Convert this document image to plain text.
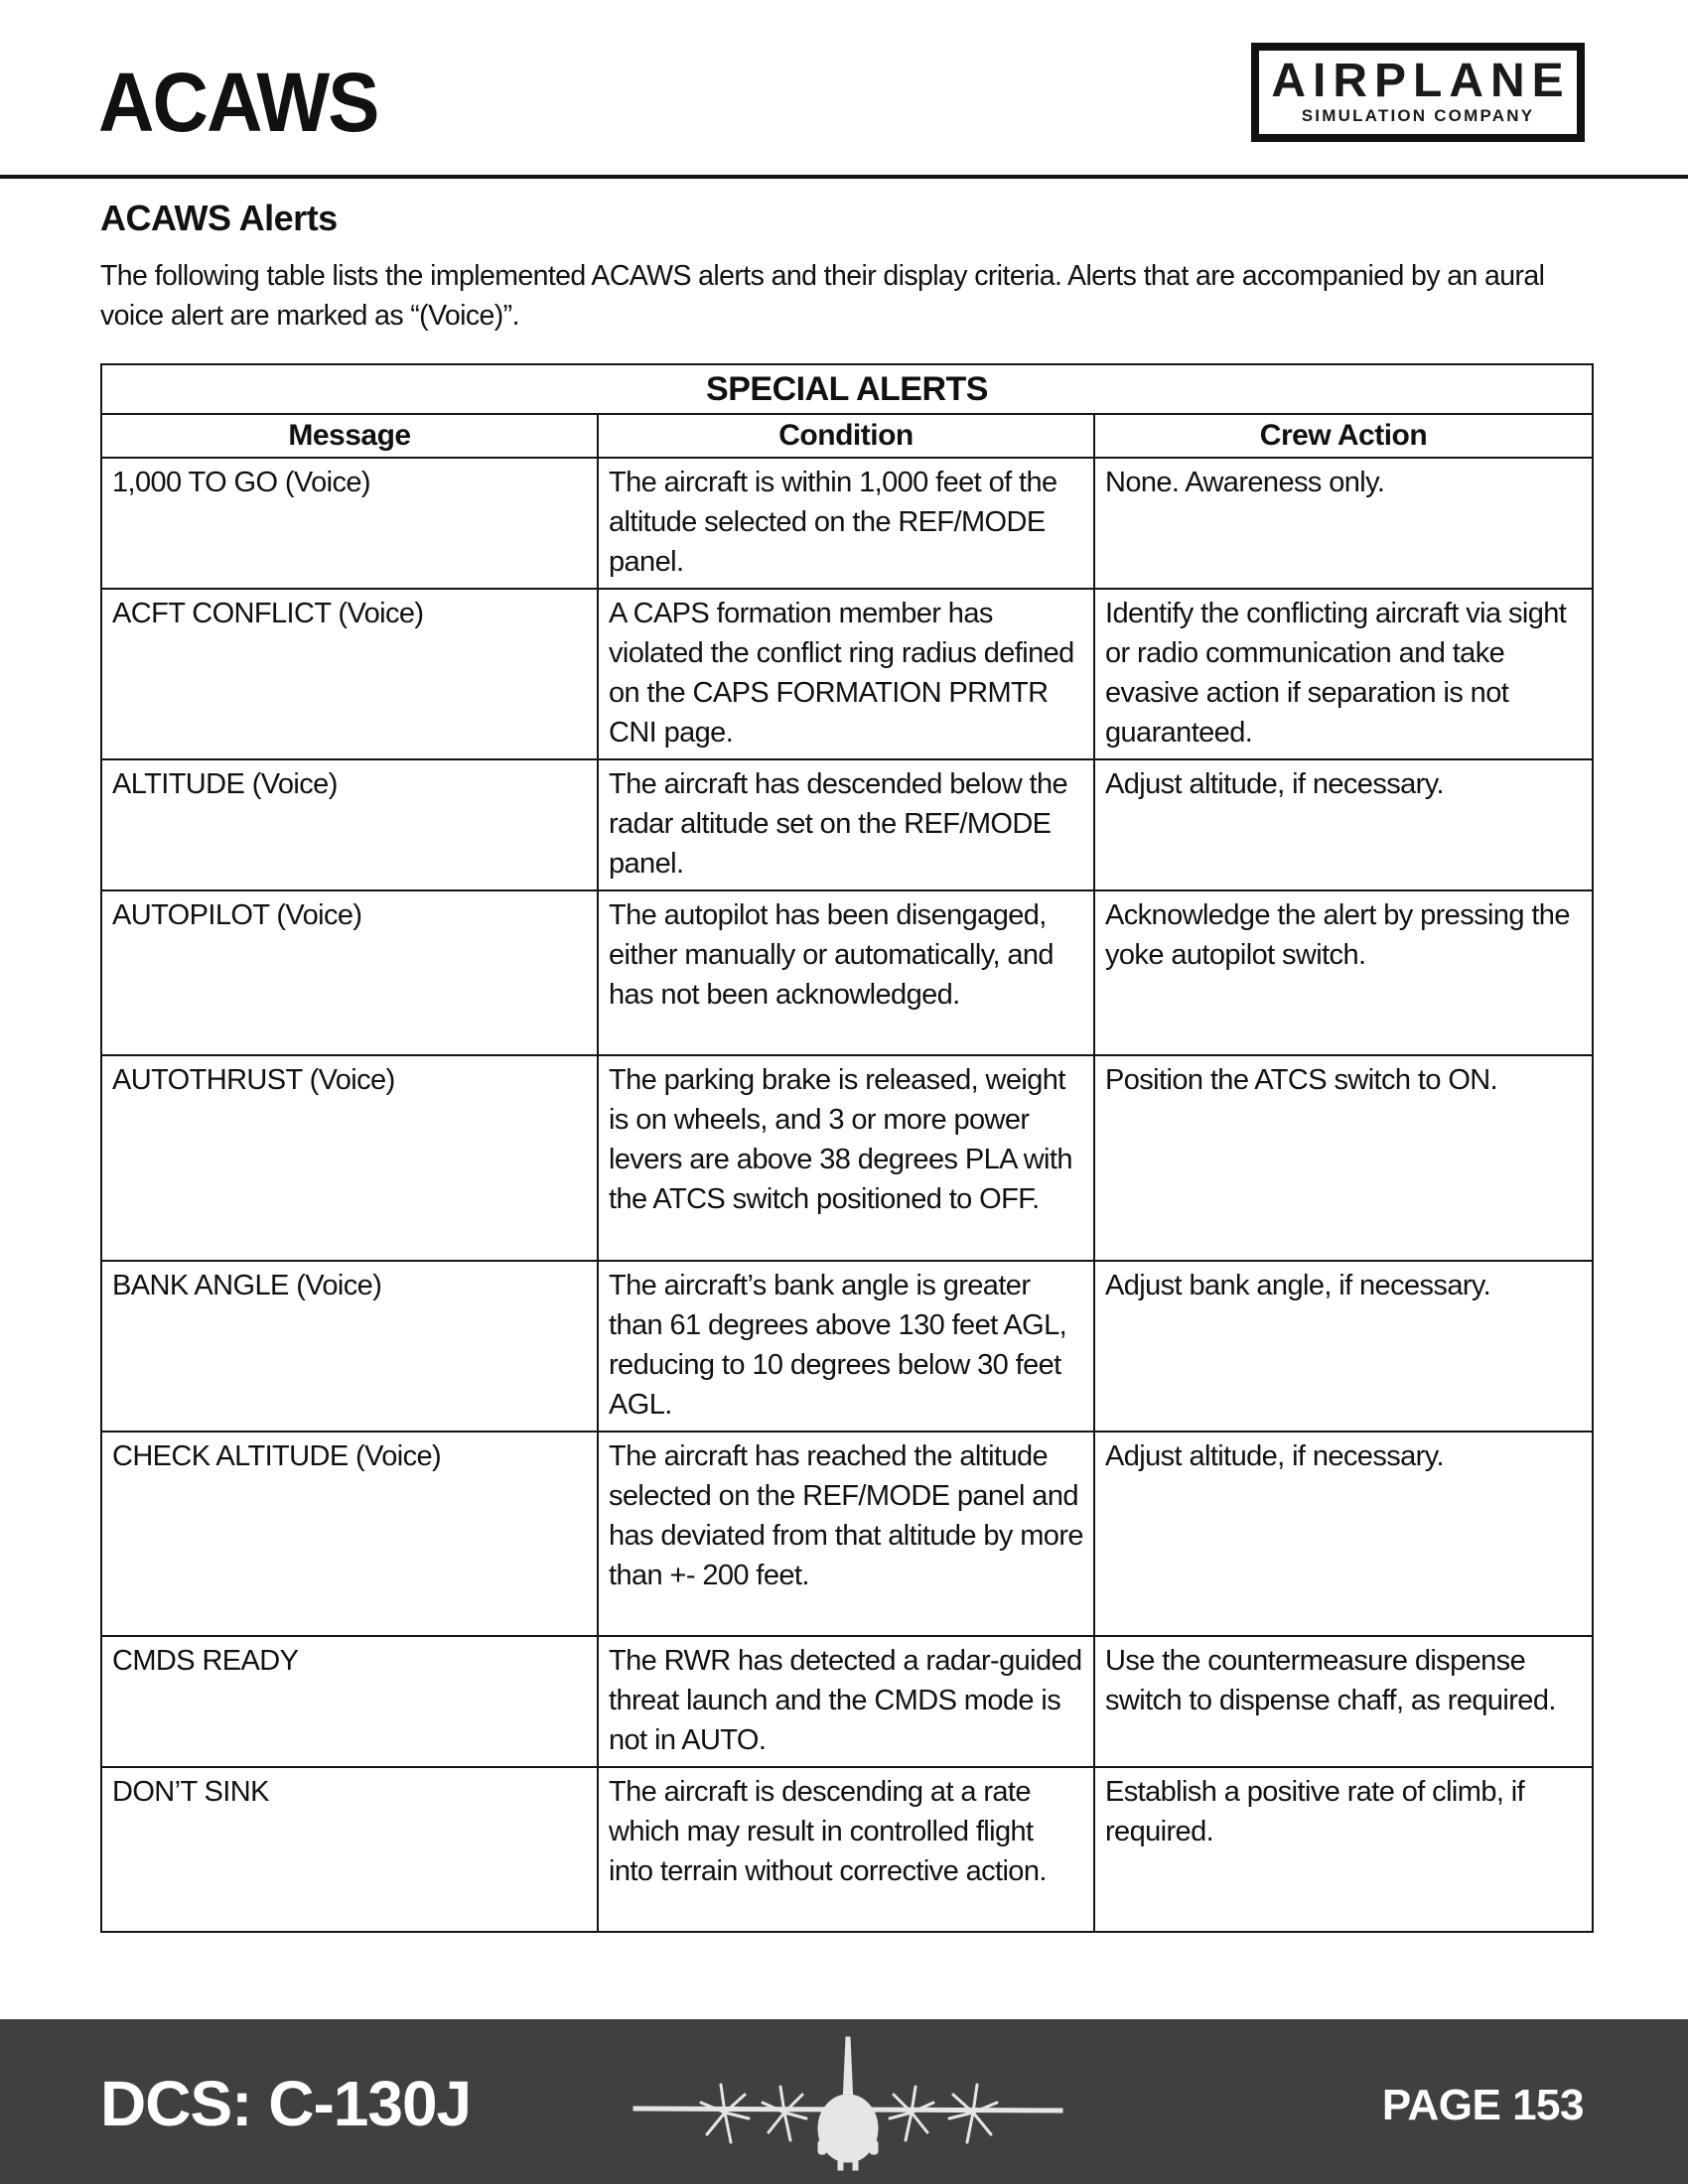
ACAWS	AIRPLANE
SIMULATION COMPANY
ACAWS Alerts

The following table lists the implemented ACAWS alerts and their display criteria. Alerts that are accompanied by an aural voice alert are marked as “(Voice)”.

SPECIAL ALERTS		
Message	Condition	Crew Action
1,000 TO GO (Voice)	The aircraft is within 1,000 feet of the altitude selected on the REF/MODE panel.	None. Awareness only.
ACFT CONFLICT (Voice)	A CAPS formation member has violated the conflict ring radius defined on the CAPS FORMATION PRMTR CNI page.	Identify the conflicting aircraft via sight or radio communication and take evasive action if separation is not guaranteed.
ALTITUDE (Voice)	The aircraft has descended below the radar altitude set on the REF/MODE panel.	Adjust altitude, if necessary.
AUTOPILOT (Voice)	The autopilot has been disengaged, either manually or automatically, and has not been acknowledged.	Acknowledge the alert by pressing the yoke autopilot switch.
AUTOTHRUST (Voice)	The parking brake is released, weight is on wheels, and 3 or more power levers are above 38 degrees PLA with the ATCS switch positioned to OFF.	Position the ATCS switch to ON.
BANK ANGLE (Voice)	The aircraft’s bank angle is greater than 61 degrees above 130 feet AGL, reducing to 10 degrees below 30 feet AGL.	Adjust bank angle, if necessary.
CHECK ALTITUDE (Voice)	The aircraft has reached the altitude selected on the REF/MODE panel and has deviated from that altitude by more than +- 200 feet.	Adjust altitude, if necessary.
CMDS READY	The RWR has detected a radar-guided threat launch and the CMDS mode is not in AUTO.	Use the countermeasure dispense switch to dispense chaff, as required.
DON’T SINK	The aircraft is descending at a rate which may result in controlled flight into terrain without corrective action.	Establish a positive rate of climb, if required.
DCS: C-130J	PAGE 153
